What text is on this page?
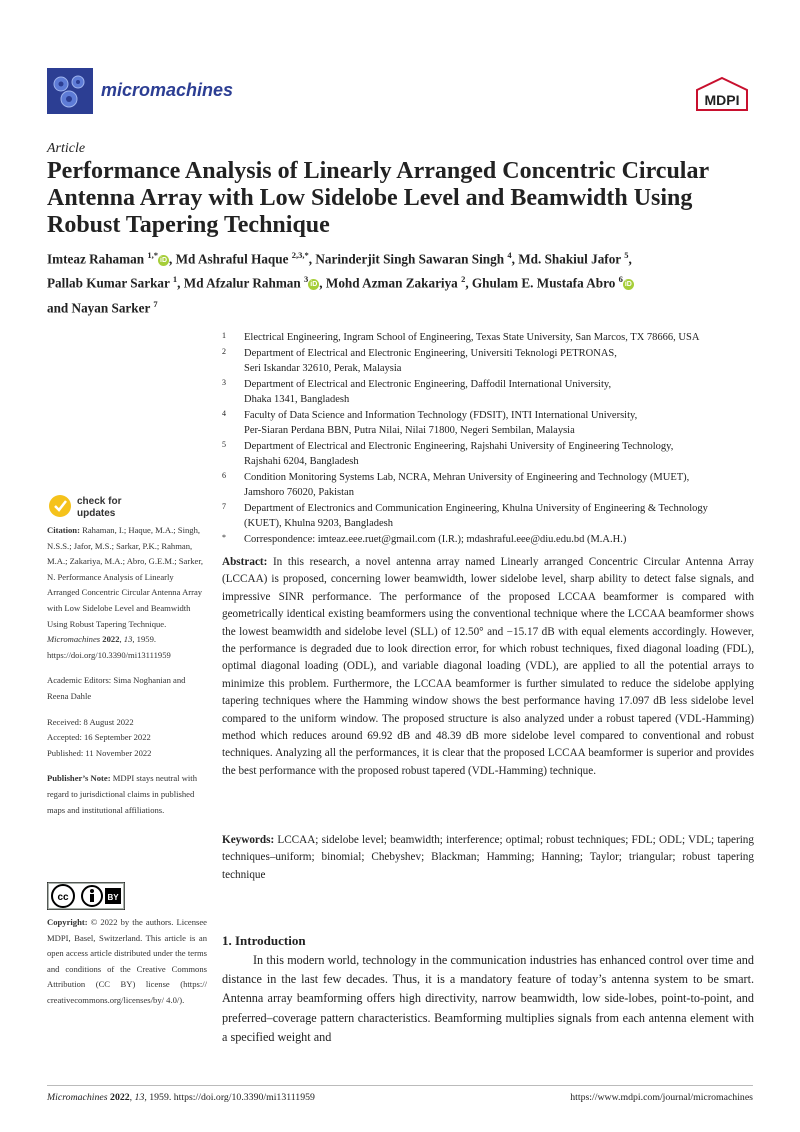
micromachines	MDPI
Article
Performance Analysis of Linearly Arranged Concentric Circular Antenna Array with Low Sidelobe Level and Beamwidth Using Robust Tapering Technique
Imteaz Rahaman $^{1,*}$iD , Md Ashraful Haque $^{2,3,*}$, Narinderjit Singh Sawaran Singh $^4$, Md. Shakiul Jafor $^5$,
Pallab Kumar Sarkar $^1$, Md Afzalur Rahman $^3$iD , Mohd Azman Zakariya $^2$, Ghulam E. Mustafa Abro $^6$iD
and Nayan Sarker $^7$

1 Electrical Engineering, Ingram School of Engineering, Texas State University, San Marcos, TX 78666, USA

2 Department of Electrical and Electronic Engineering, Universiti Teknologi PETRONAS,
Seri Iskandar 32610, Perak, Malaysia

3 Department of Electrical and Electronic Engineering, Daffodil International University,
Dhaka 1341, Bangladesh

4 Faculty of Data Science and Information Technology (FDSIT), INTI International University,
Per-Siaran Perdana BBN, Putra Nilai, Nilai 71800, Negeri Sembilan, Malaysia

5 Department of Electrical and Electronic Engineering, Rajshahi University of Engineering Technology,
Rajshahi 6204, Bangladesh

6 Condition Monitoring Systems Lab, NCRA, Mehran University of Engineering and Technology (MUET),
Jamshoro 76020, Pakistan

7 Department of Electronics and Communication Engineering, Khulna University of Engineering & Technology
(KUET), Khulna 9203, Bangladesh

* Correspondence: imteaz.eee.ruet@gmail.com (I.R.); mdashraful.eee@diu.edu.bd (M.A.H.)

check for
updates

Citation: Rahaman, I.; Haque, M.A.; Singh, N.S.S.; Jafor, M.S.; Sarkar, P.K.; Rahman, M.A.; Zakariya, M.A.; Abro, G.E.M.; Sarker, N. Performance Analysis of Linearly Arranged Concentric Circular Antenna Array with Low Sidelobe Level and Beamwidth Using Robust Tapering Technique. Micromachines 2022, 13, 1959. https://doi.org/10.3390/mi13111959

Academic Editors: Sima Noghanian and Reena Dahle

Received: 8 August 2022
Accepted: 16 September 2022
Published: 11 November 2022

Publisher’s Note: MDPI stays neutral with regard to jurisdictional claims in published maps and institutional affiliations.

cc	BY
Copyright: © 2022 by the authors. Licensee MDPI, Basel, Switzerland. This article is an open access article distributed under the terms and conditions of the Creative Commons Attribution (CC BY) license (https:// creativecommons.org/licenses/by/ 4.0/).
Abstract: In this research, a novel antenna array named Linearly arranged Concentric Circular Antenna Array (LCCAA) is proposed, concerning lower beamwidth, lower sidelobe level, sharp ability to detect false signals, and impressive SINR performance. The performance of the proposed LCCAA beamformer is compared with geometrically identical existing beamformers using the conventional technique where the LCCAA beamformer shows the lowest beamwidth and sidelobe level (SLL) of 12.50° and −15.17 dB with equal elements accordingly. However, the performance is degraded due to look direction error, for which robust techniques, fixed diagonal loading (FDL), optimal diagonal loading (ODL), and variable diagonal loading (VDL), are applied to all the potential arrays to minimize this problem. Furthermore, the LCCAA beamformer is further simulated to reduce the sidelobe applying tapering techniques where the Hamming window shows the best performance having 17.097 dB less sidelobe level compared to the uniform window. The proposed structure is also analyzed under a robust tapered (VDL-Hamming) method which reduces around 69.92 dB and 48.39 dB more sidelobe level compared to conventional and robust techniques. Analyzing all the performances, it is clear that the proposed LCCAA beamformer is superior and provides the best performance with the proposed robust tapered (VDL-Hamming) technique.
Keywords: LCCAA; sidelobe level; beamwidth; interference; optimal; robust techniques; FDL; ODL; VDL; tapering techniques–uniform; binomial; Chebyshev; Blackman; Hamming; Hanning; Taylor; triangular; robust tapering technique
1. Introduction
In this modern world, technology in the communication industries has enhanced control over time and distance in the last few decades. Thus, it is a mandatory feature of today’s antenna system to be smart. Antenna array beamforming offers high directivity, narrow beamwidth, low side-lobes, point-to-point, and preferred–coverage pattern characteristics. Beamforming multiplies signals from each antenna element with a specified weight and
Micromachines 2022, 13, 1959. https://doi.org/10.3390/mi13111959	https://www.mdpi.com/journal/micromachines
